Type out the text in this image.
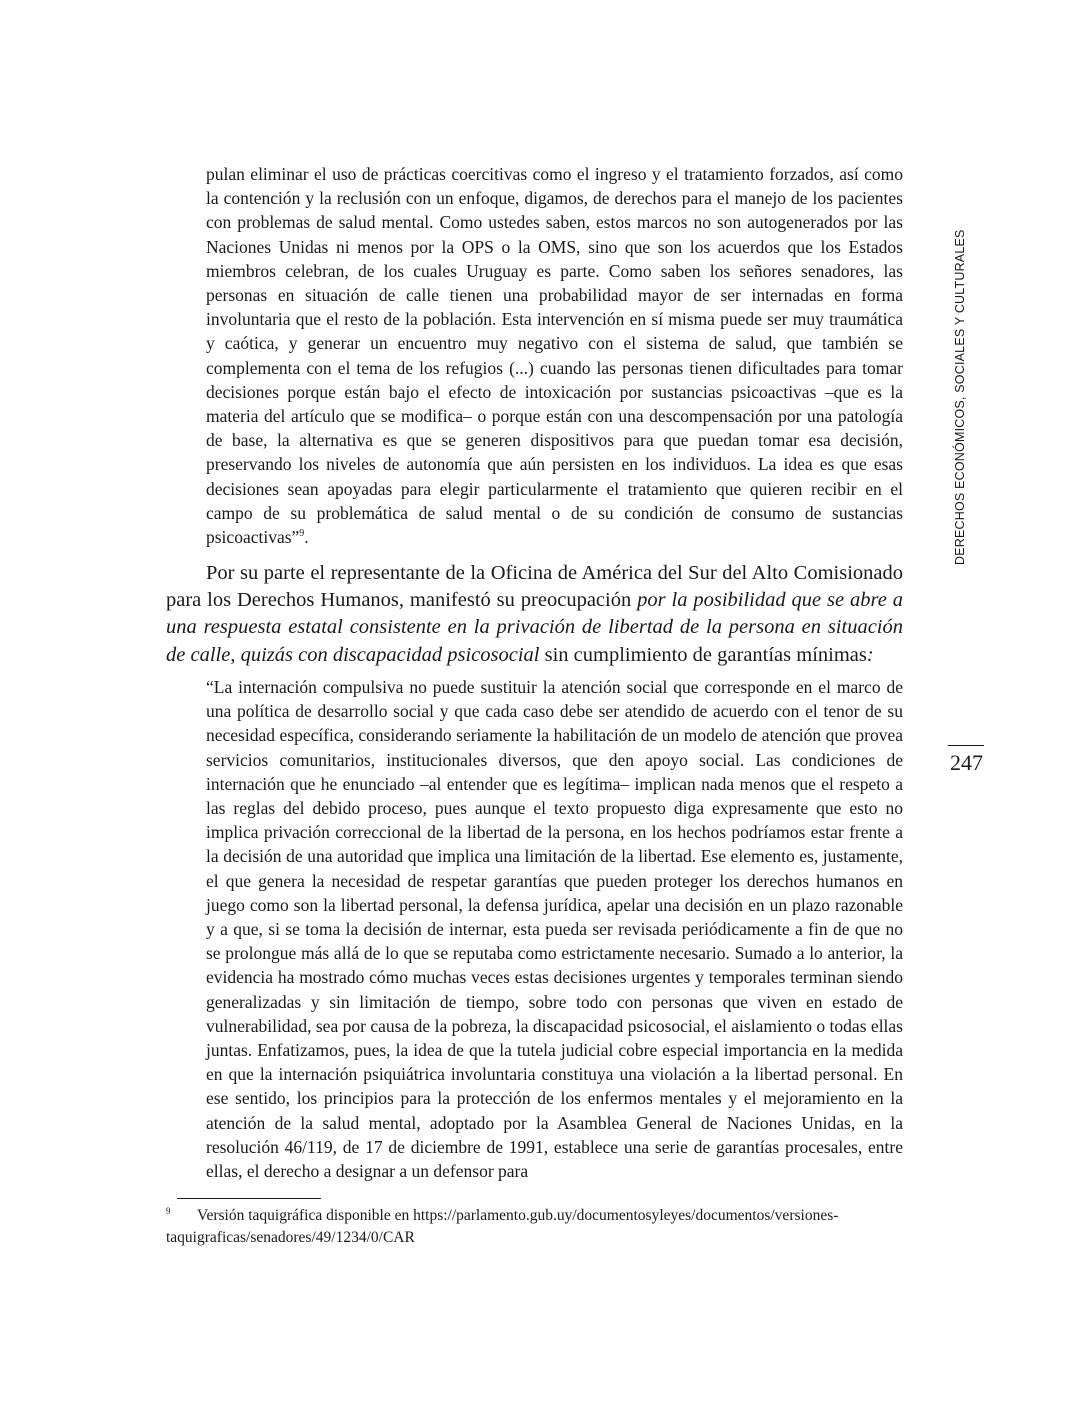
pulan eliminar el uso de prácticas coercitivas como el ingreso y el tratamiento forzados, así como la contención y la reclusión con un enfoque, digamos, de derechos para el manejo de los pacientes con problemas de salud mental. Como ustedes saben, estos marcos no son autogenerados por las Naciones Unidas ni menos por la OPS o la OMS, sino que son los acuerdos que los Estados miembros celebran, de los cuales Uruguay es parte. Como saben los señores senadores, las personas en situación de calle tienen una probabilidad mayor de ser internadas en forma involuntaria que el resto de la población. Esta intervención en sí misma puede ser muy traumática y caótica, y generar un encuentro muy negativo con el sistema de salud, que también se complementa con el tema de los refugios (...) cuando las personas tienen dificultades para tomar decisiones porque están bajo el efecto de intoxicación por sustancias psicoactivas –que es la materia del artículo que se modifica– o porque están con una descompensación por una patología de base, la alternativa es que se generen dispositivos para que puedan tomar esa decisión, preservando los niveles de autonomía que aún persisten en los individuos. La idea es que esas decisiones sean apoyadas para elegir particularmente el tratamiento que quieren recibir en el campo de su problemática de salud mental o de su condición de consumo de sustancias psicoactivas”$^9$.

Por su parte el representante de la Oficina de América del Sur del Alto Comisionado para los Derechos Humanos, manifestó su preocupación por la posibilidad que se abre a una respuesta estatal consistente en la privación de libertad de la persona en situación de calle, quizás con discapacidad psicosocial sin cumplimiento de garantías mínimas:

“La internación compulsiva no puede sustituir la atención social que corresponde en el marco de una política de desarrollo social y que cada caso debe ser atendido de acuerdo con el tenor de su necesidad específica, considerando seriamente la habilitación de un modelo de atención que provea servicios comunitarios, institucionales diversos, que den apoyo social. Las condiciones de internación que he enunciado –al entender que es legítima– implican nada menos que el respeto a las reglas del debido proceso, pues aunque el texto propuesto diga expresamente que esto no implica privación correccional de la libertad de la persona, en los hechos podríamos estar frente a la decisión de una autoridad que implica una limitación de la libertad. Ese elemento es, justamente, el que genera la necesidad de respetar garantías que pueden proteger los derechos humanos en juego como son la libertad personal, la defensa jurídica, apelar una decisión en un plazo razonable y a que, si se toma la decisión de internar, esta pueda ser revisada periódicamente a fin de que no se prolongue más allá de lo que se reputaba como estrictamente necesario. Sumado a lo anterior, la evidencia ha mostrado cómo muchas veces estas decisiones urgentes y temporales terminan siendo generalizadas y sin limitación de tiempo, sobre todo con personas que viven en estado de vulnerabilidad, sea por causa de la pobreza, la discapacidad psicosocial, el aislamiento o todas ellas juntas. Enfatizamos, pues, la idea de que la tutela judicial cobre especial importancia en la medida en que la internación psiquiátrica involuntaria constituya una violación a la libertad personal. En ese sentido, los principios para la protección de los enfermos mentales y el mejoramiento en la atención de la salud mental, adoptado por la Asamblea General de Naciones Unidas, en la resolución 46/119, de 17 de diciembre de 1991, establece una serie de garantías procesales, entre ellas, el derecho a designar a un defensor para

DERECHOS ECONÓMICOS, SOCIALES Y CULTURALES
247

9 Versión taquigráfica disponible en https://parlamento.gub.uy/documentosyleyes/documentos/versiones-taquigraficas/senadores/49/1234/0/CAR
